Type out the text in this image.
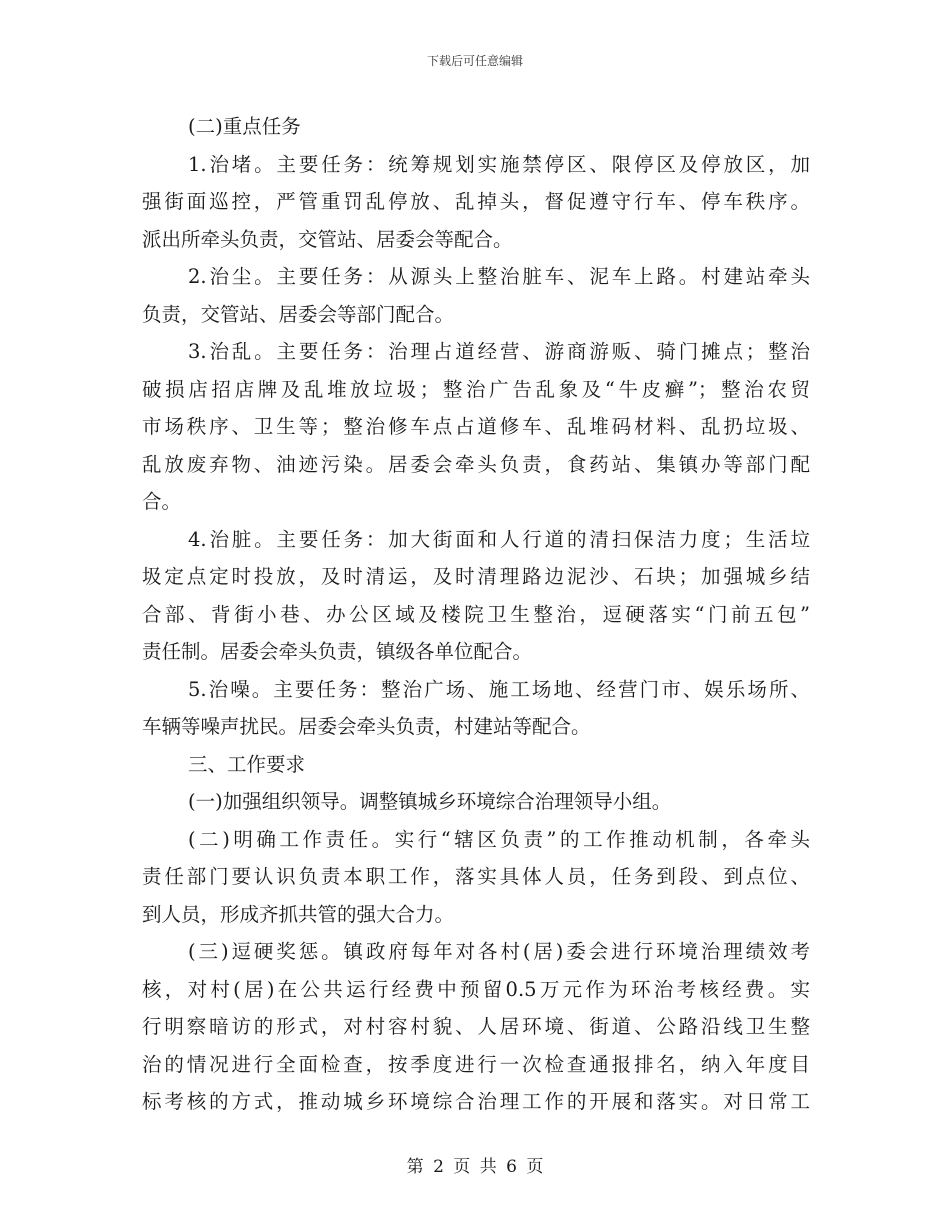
下载后可任意编辑
(二)重点任务
1.治堵。主要任务：统筹规划实施禁停区、限停区及停放区，加
强街面巡控，严管重罚乱停放、乱掉头，督促遵守行车、停车秩序。
派出所牵头负责，交管站、居委会等配合。
2.治尘。主要任务：从源头上整治脏车、泥车上路。村建站牵头
负责，交管站、居委会等部门配合。
3.治乱。主要任务：治理占道经营、游商游贩、骑门摊点；整治
破损店招店牌及乱堆放垃圾；整治广告乱象及“牛皮癣”；整治农贸
市场秩序、卫生等；整治修车点占道修车、乱堆码材料、乱扔垃圾、
乱放废弃物、油迹污染。居委会牵头负责，食药站、集镇办等部门配
合。
4.治脏。主要任务：加大街面和人行道的清扫保洁力度；生活垃
圾定点定时投放，及时清运，及时清理路边泥沙、石块；加强城乡结
合部、背街小巷、办公区域及楼院卫生整治，逗硬落实“门前五包”
责任制。居委会牵头负责，镇级各单位配合。
5.治噪。主要任务：整治广场、施工场地、经营门市、娱乐场所、
车辆等噪声扰民。居委会牵头负责，村建站等配合。
三、工作要求
(一)加强组织领导。调整镇城乡环境综合治理领导小组。
(二)明确工作责任。实行“辖区负责”的工作推动机制，各牵头
责任部门要认识负责本职工作，落实具体人员，任务到段、到点位、
到人员，形成齐抓共管的强大合力。
(三)逗硬奖惩。镇政府每年对各村(居)委会进行环境治理绩效考
核，对村(居)在公共运行经费中预留0.5万元作为环治考核经费。实
行明察暗访的形式，对村容村貌、人居环境、街道、公路沿线卫生整
治的情况进行全面检查，按季度进行一次检查通报排名，纳入年度目
标考核的方式，推动城乡环境综合治理工作的开展和落实。对日常工
第 2 页 共 6 页
